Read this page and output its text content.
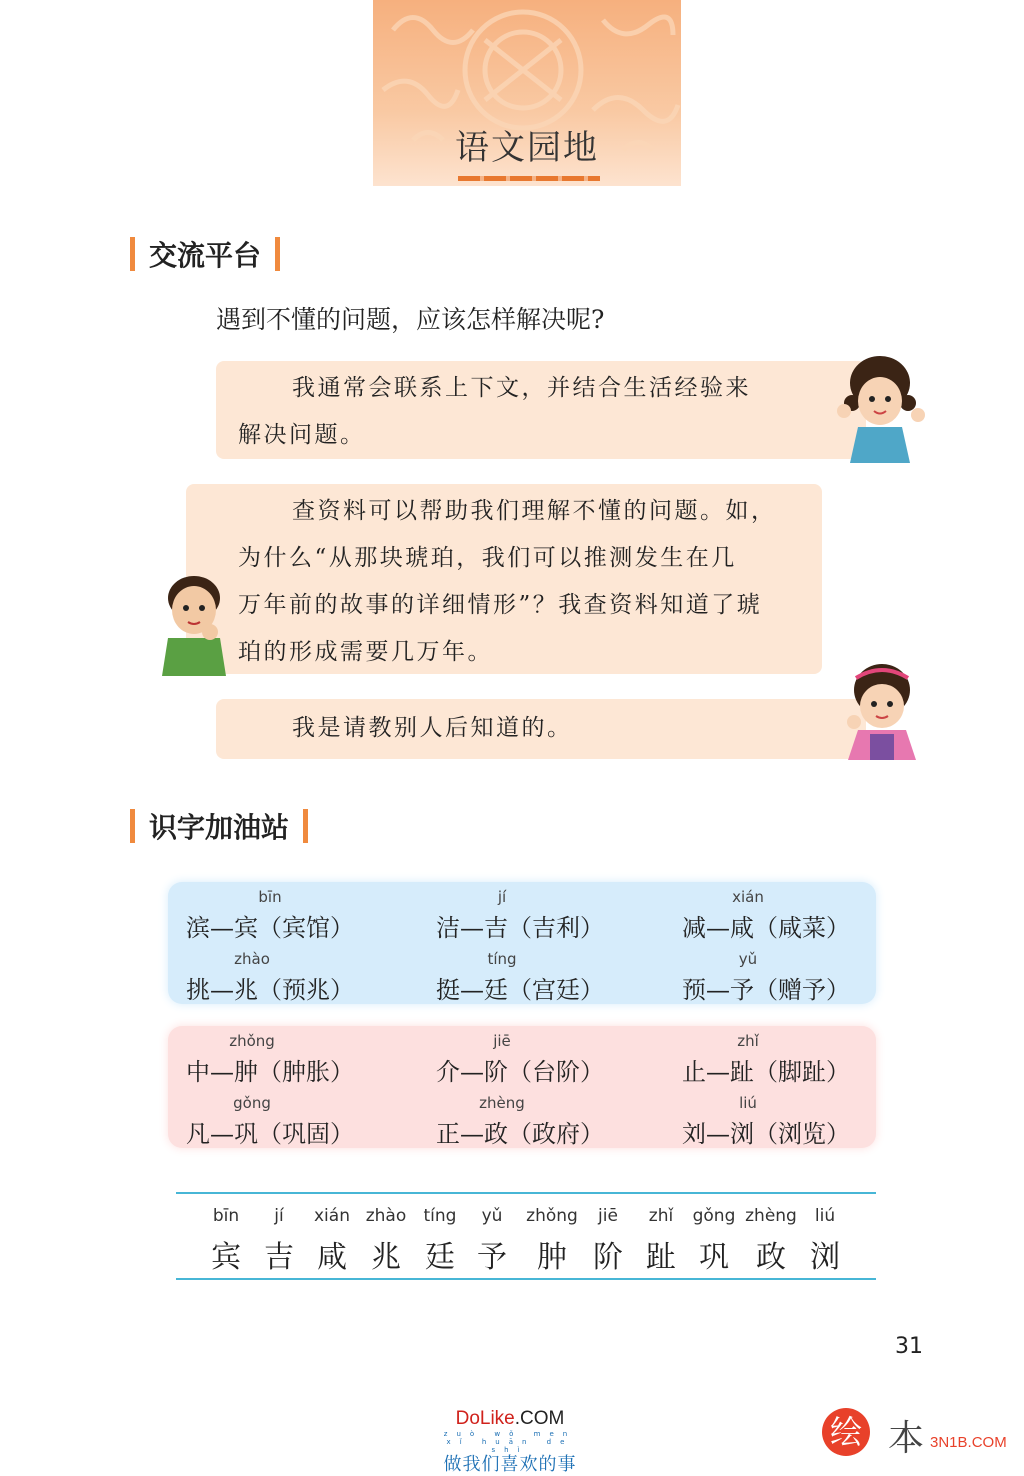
语文园地
交流平台
遇到不懂的问题，应该怎样解决呢?

我通常会联系上下文，并结合生活经验来

解决问题。

查资料可以帮助我们理解不懂的问题。如，

为什么“从那块琥珀，我们可以推测发生在几

万年前的故事的详细情形”？我查资料知道了琥

珀的形成需要几万年。

我是请教别人后知道的。

识字加油站
bīn
滨—宾（宾馆）
jí
洁—吉（吉利）
xián
减—咸（咸菜）
zhào
挑—兆（预兆）
tíng
挺—廷（宫廷）
yǔ
预—予（赠予）
zhǒng
中—肿（肿胀）
jiē
介—阶（台阶）
zhǐ
止—趾（脚趾）
gǒng
凡—巩（巩固）
zhèng
正—政（政府）
liú
刘—浏（浏览）
bīn
宾
jí
吉
xián
咸
zhào
兆
tíng
廷
yǔ
予
zhǒng
肿
jiē
阶
zhǐ
趾
gǒng
巩
zhèng
政
liú
浏
31
DoLike.COM
zuò wǒ men xǐ huān de shì
做我们喜欢的事
绘 本 3N1B.COM
